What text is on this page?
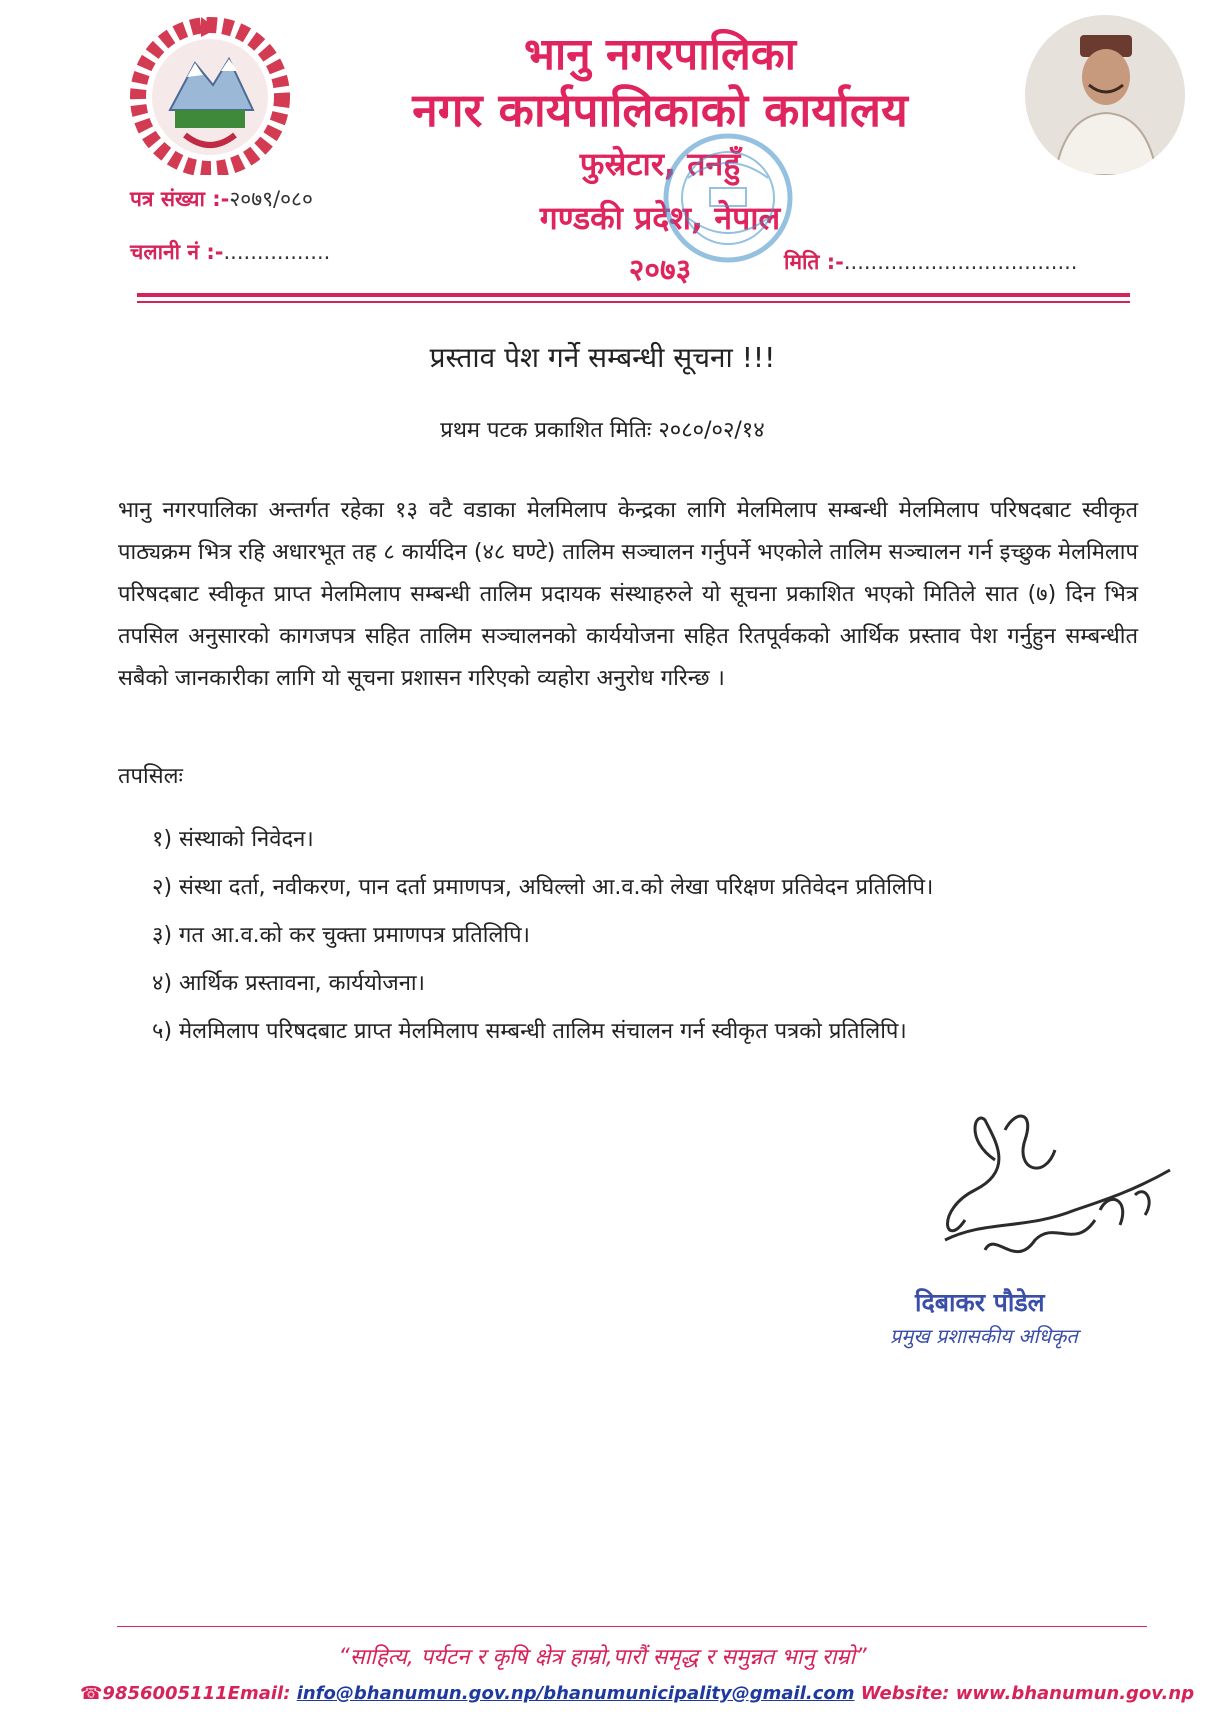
भानु नगरपालिका
नगर कार्यपालिकाको कार्यालय
फुस्रेटार, तनहुँ
गण्डकी प्रदेश, नेपाल
२०७३
पत्र संख्या :-२०७९/०८०
चलानी नं :-................	मिति :-...................................
प्रस्ताव पेश गर्ने सम्बन्धी सूचना !!!
प्रथम पटक प्रकाशित मितिः २०८०/०२/१४
भानु नगरपालिका अन्तर्गत रहेका १३ वटै वडाका मेलमिलाप केन्द्रका लागि मेलमिलाप सम्बन्धी मेलमिलाप परिषदबाट स्वीकृत पाठ्यक्रम भित्र रहि अधारभूत तह ८ कार्यदिन (४८ घण्टे) तालिम सञ्चालन गर्नुपर्ने भएकोले तालिम सञ्चालन गर्न इच्छुक मेलमिलाप परिषदबाट स्वीकृत प्राप्त मेलमिलाप सम्बन्धी तालिम प्रदायक संस्थाहरुले यो सूचना प्रकाशित भएको मितिले सात (७) दिन भित्र तपसिल अनुसारको कागजपत्र सहित तालिम सञ्चालनको कार्ययोजना सहित रितपूर्वकको आर्थिक प्रस्ताव पेश गर्नुहुन सम्बन्धीत सबैको जानकारीका लागि यो सूचना प्रशासन गरिएको व्यहोरा अनुरोध गरिन्छ ।
तपसिलः
१) संस्थाको निवेदन।
२) संस्था दर्ता, नवीकरण, पान दर्ता प्रमाणपत्र, अघिल्लो आ.व.को लेखा परिक्षण प्रतिवेदन प्रतिलिपि।
३) गत आ.व.को कर चुक्ता प्रमाणपत्र प्रतिलिपि।
४) आर्थिक प्रस्तावना, कार्ययोजना।
५) मेलमिलाप परिषदबाट प्राप्त मेलमिलाप सम्बन्धी तालिम संचालन गर्न स्वीकृत पत्रको प्रतिलिपि।
दिबाकर पौडेल
प्रमुख प्रशासकीय अधिकृत
“साहित्य, पर्यटन र कृषि क्षेत्र हाम्रो,पारौं समृद्ध र समुन्नत भानु राम्रो”
☎9856005111Email: info@bhanumun.gov.np/bhanumunicipality@gmail.com Website: www.bhanumun.gov.np
